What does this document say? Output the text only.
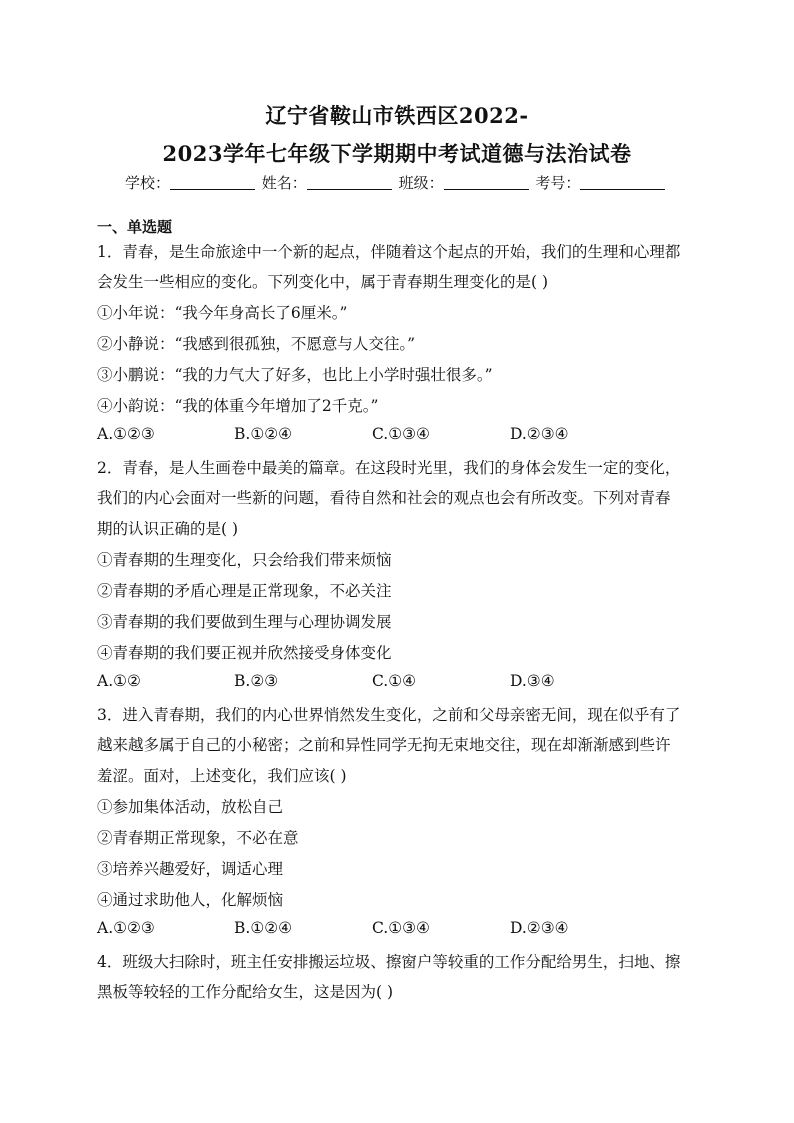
辽宁省鞍山市铁西区2022-
2023学年七年级下学期期中考试道德与法治试卷
学校：	姓名：	班级：	考号：
一、单选题
1．青春，是生命旅途中一个新的起点，伴随着这个起点的开始，我们的生理和心理都
会发生一些相应的变化。下列变化中，属于青春期生理变化的是( )
①小年说：“我今年身高长了6厘米。”
②小静说：“我感到很孤独，不愿意与人交往。”
③小鹏说：“我的力气大了好多，也比上小学时强壮很多。”
④小韵说：“我的体重今年增加了2千克。”
A.①②③	B.①②④	C.①③④	D.②③④
2．青春，是人生画卷中最美的篇章。在这段时光里，我们的身体会发生一定的变化，
我们的内心会面对一些新的问题，看待自然和社会的观点也会有所改变。下列对青春
期的认识正确的是( )
①青春期的生理变化，只会给我们带来烦恼
②青春期的矛盾心理是正常现象，不必关注
③青春期的我们要做到生理与心理协调发展
④青春期的我们要正视并欣然接受身体变化
A.①②	B.②③	C.①④	D.③④
3．进入青春期，我们的内心世界悄然发生变化，之前和父母亲密无间，现在似乎有了
越来越多属于自己的小秘密；之前和异性同学无拘无束地交往，现在却渐渐感到些许
羞涩。面对，上述变化，我们应该( )
①参加集体活动，放松自己
②青春期正常现象，不必在意
③培养兴趣爱好，调适心理
④通过求助他人，化解烦恼
A.①②③	B.①②④	C.①③④	D.②③④
4．班级大扫除时，班主任安排搬运垃圾、擦窗户等较重的工作分配给男生，扫地、擦
黑板等较轻的工作分配给女生，这是因为( )
